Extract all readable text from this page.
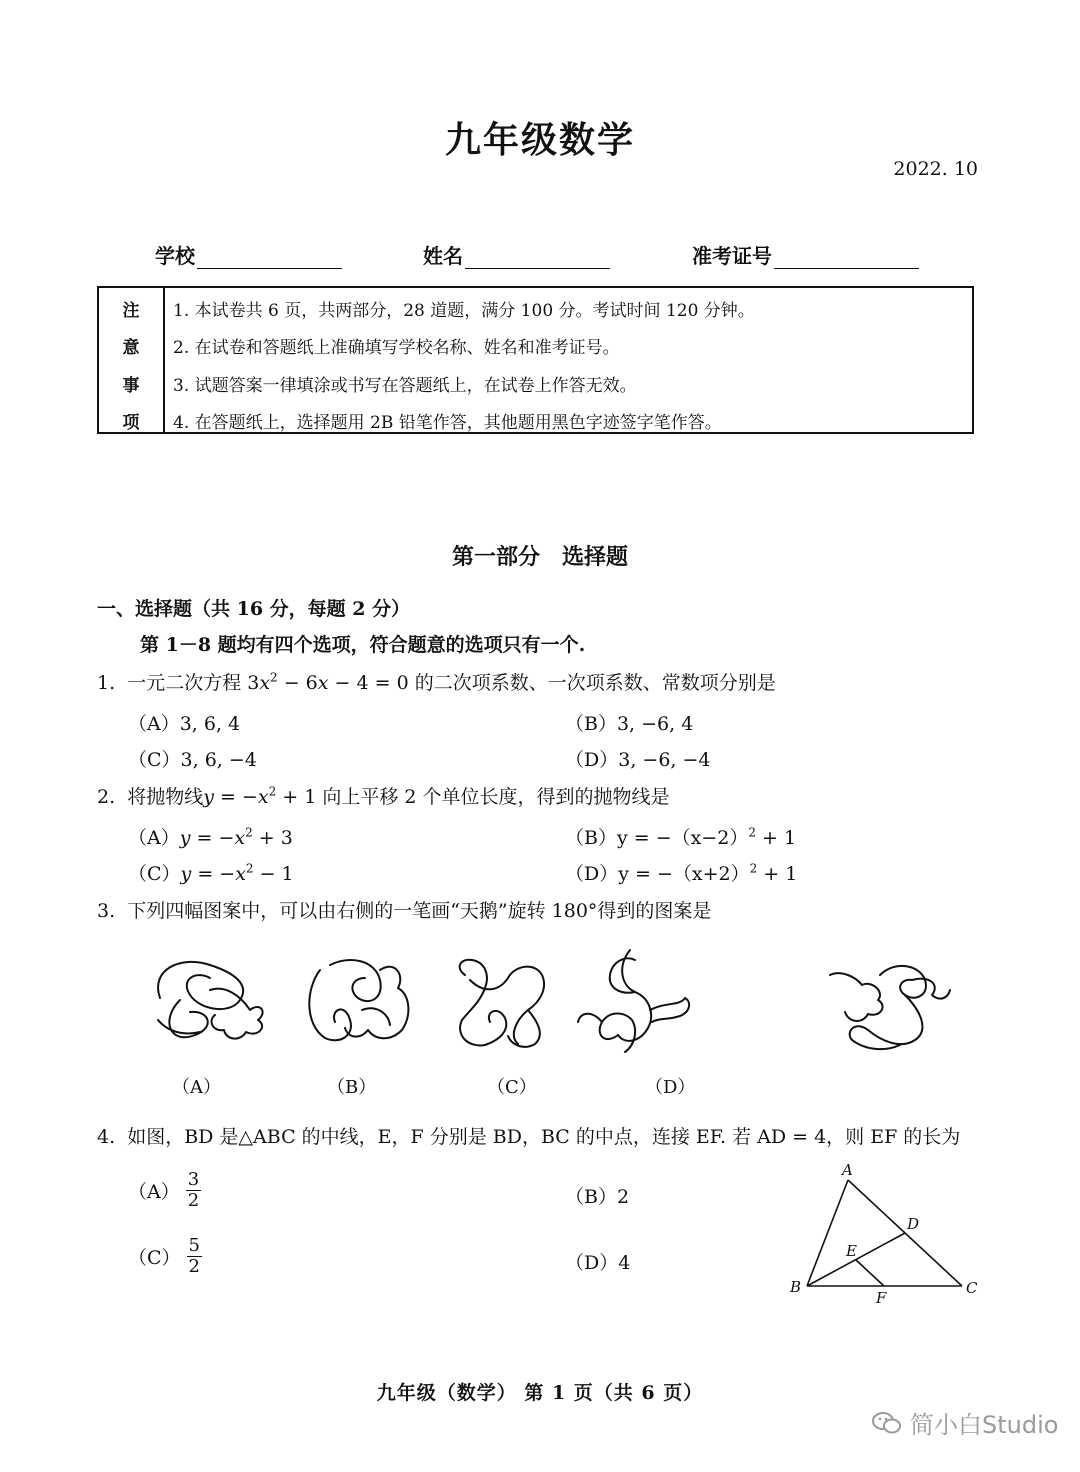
九年级数学
2022. 10
学校	姓名	准考证号
注
意
事
项
1. 本试卷共 6 页，共两部分，28 道题，满分 100 分。考试时间 120 分钟。
2. 在试卷和答题纸上准确填写学校名称、姓名和准考证号。
3. 试题答案一律填涂或书写在答题纸上，在试卷上作答无效。
4. 在答题纸上，选择题用 2B 铅笔作答，其他题用黑色字迹签字笔作答。
第一部分　选择题
一、选择题（共 16 分，每题 2 分）
第 1－8 题均有四个选项，符合题意的选项只有一个.
1. 一元二次方程 $3x^2 - 6x - 4 = 0$ 的二次项系数、一次项系数、常数项分别是
（A）3, 6, 4	（B）3, −6, 4
（C）3, 6, −4	（D）3, −6, −4
2. 将抛物线$y = -x^2 + 1$ 向上平移 2 个单位长度，得到的抛物线是
$(A)y = -x^2 + 3$	$(B)y = -(x-2)^2 + 1$
$(C)y = -x^2 - 1$	$(D)y = -(x+2)^2 + 1$
3. 下列四幅图案中，可以由右侧的一笔画“天鹅”旋转 180°得到的图案是
（A）	（B）	（C）	（D）
4. 如图，BD 是△ABC 的中线，E，F 分别是 BD，BC 的中点，连接 EF. 若 AD = 4，则 EF 的长为
$(A) \frac{3}{2}$	（B）2
$(C) \frac{5}{2}$	（D）4
A
B	C
D
E
F
九年级（数学） 第 1 页（共 6 页）
简小白Studio
